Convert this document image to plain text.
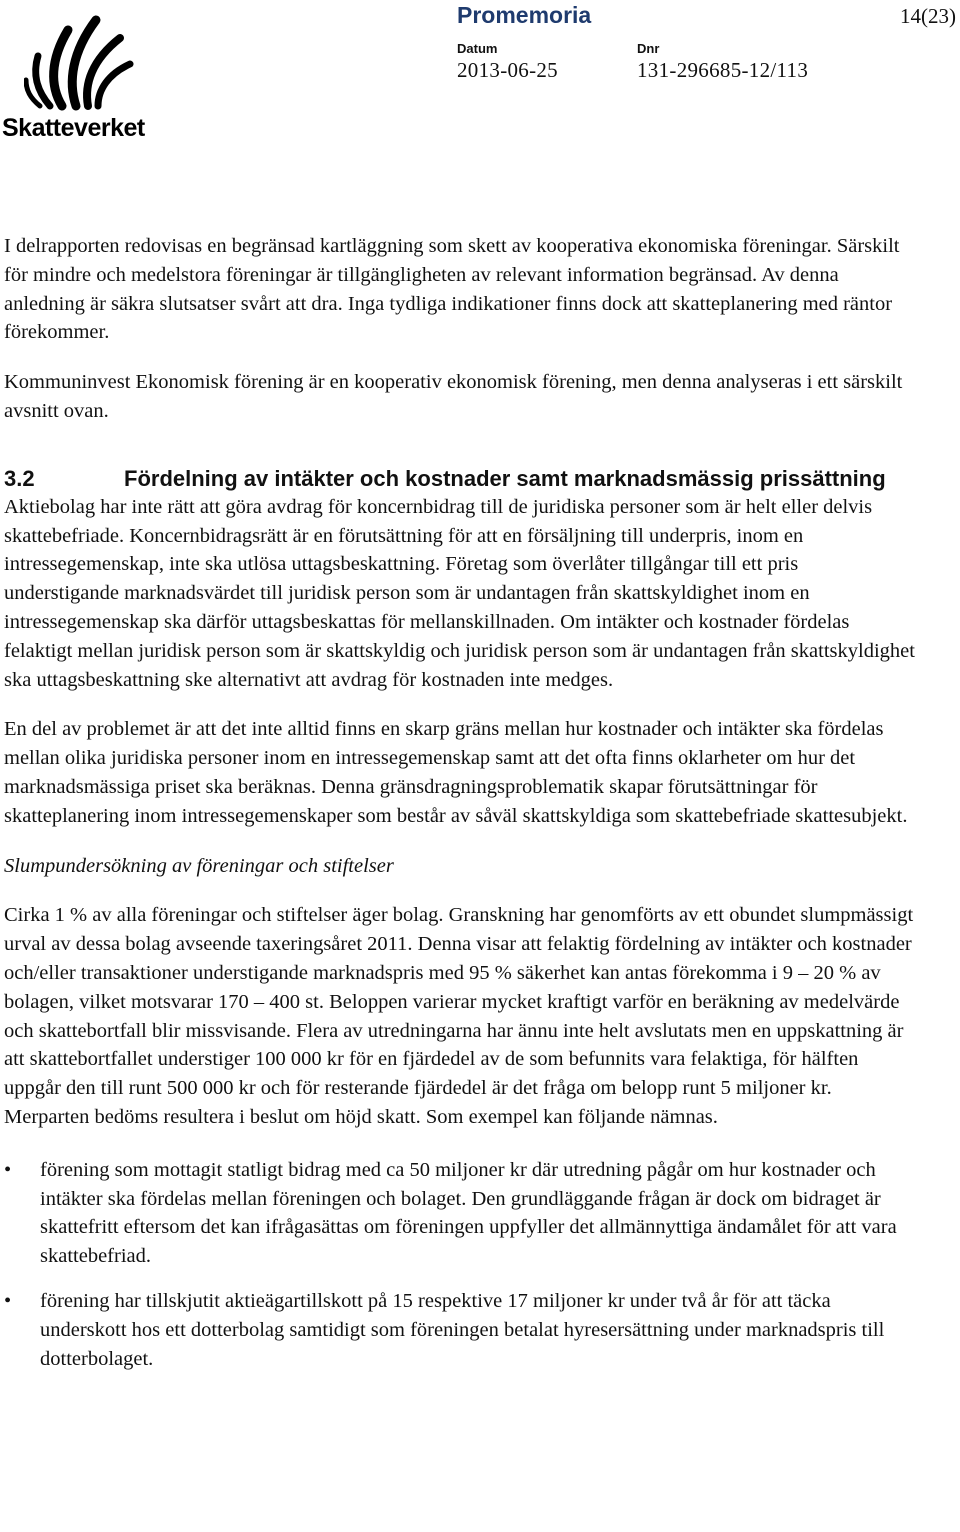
Skatteverket
Promemoria	14(23)
Datum
2013-06-25
Dnr
131-296685-12/113

I delrapporten redovisas en begränsad kartläggning som skett av kooperativa ekonomiska föreningar. Särskilt för mindre och medelstora föreningar är tillgängligheten av relevant information begränsad. Av denna anledning är säkra slutsatser svårt att dra. Inga tydliga indikationer finns dock att skatteplanering med räntor förekommer.

Kommuninvest Ekonomisk förening är en kooperativ ekonomisk förening, men denna analyseras i ett särskilt avsnitt ovan.

3.2	Fördelning av intäkter och kostnader samt marknadsmässig prissättning

Aktiebolag har inte rätt att göra avdrag för koncernbidrag till de juridiska personer som är helt eller delvis skattebefriade. Koncernbidragsrätt är en förutsättning för att en försäljning till underpris, inom en intressegemenskap, inte ska utlösa uttagsbeskattning. Företag som överlåter tillgångar till ett pris understigande marknadsvärdet till juridisk person som är undantagen från skattskyldighet inom en intressegemenskap ska därför uttagsbeskattas för mellanskillnaden. Om intäkter och kostnader fördelas felaktigt mellan juridisk person som är skattskyldig och juridisk person som är undantagen från skattskyldighet ska uttagsbeskattning ske alternativt att avdrag för kostnaden inte medges.

En del av problemet är att det inte alltid finns en skarp gräns mellan hur kostnader och intäkter ska fördelas mellan olika juridiska personer inom en intressegemenskap samt att det ofta finns oklarheter om hur det marknadsmässiga priset ska beräknas. Denna gränsdragningsproblematik skapar förutsättningar för skatteplanering inom intressegemenskaper som består av såväl skattskyldiga som skattebefriade skattesubjekt.

Slumpundersökning av föreningar och stiftelser

Cirka 1 % av alla föreningar och stiftelser äger bolag. Granskning har genomförts av ett obundet slumpmässigt urval av dessa bolag avseende taxeringsåret 2011. Denna visar att felaktig fördelning av intäkter och kostnader och/eller transaktioner understigande marknadspris med 95 % säkerhet kan antas förekomma i 9 – 20 % av bolagen, vilket motsvarar 170 – 400 st. Beloppen varierar mycket kraftigt varför en beräkning av medelvärde och skattebortfall blir missvisande. Flera av utredningarna har ännu inte helt avslutats men en uppskattning är att skattebortfallet understiger 100 000 kr för en fjärdedel av de som befunnits vara felaktiga, för hälften uppgår den till runt 500 000 kr och för resterande fjärdedel är det fråga om belopp runt 5 miljoner kr. Merparten bedöms resultera i beslut om höjd skatt. Som exempel kan följande nämnas.

• förening som mottagit statligt bidrag med ca 50 miljoner kr där utredning pågår om hur kostnader och intäkter ska fördelas mellan föreningen och bolaget. Den grundläggande frågan är dock om bidraget är skattefritt eftersom det kan ifrågasättas om föreningen uppfyller det allmännyttiga ändamålet för att vara skattebefriad.
• förening har tillskjutit aktieägartillskott på 15 respektive 17 miljoner kr under två år för att täcka underskott hos ett dotterbolag samtidigt som föreningen betalat hyresersättning under marknadspris till dotterbolaget.
